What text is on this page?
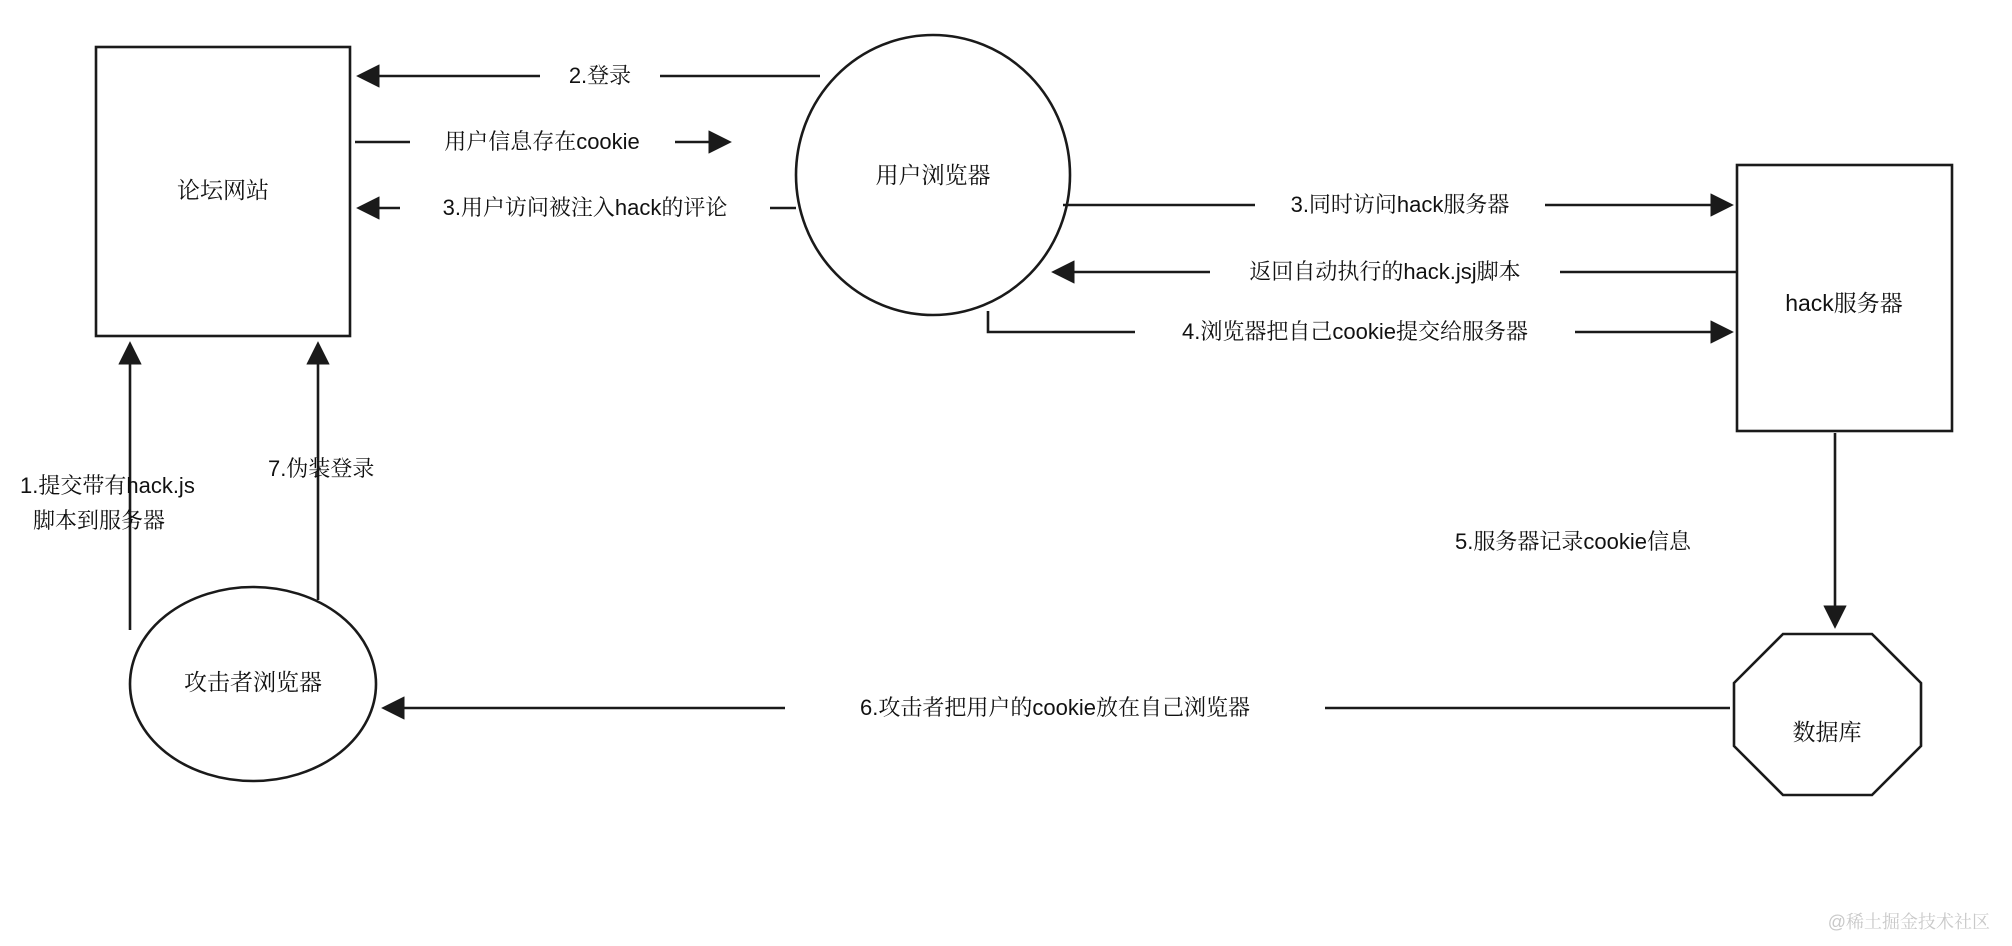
论坛网站
用户浏览器
hack服务器
攻击者浏览器
数据库
2.登录
用户信息存在cookie
3.用户访问被注入hack的评论	3.同时访问hack服务器
返回自动执行的hack.jsj脚本
4.浏览器把自己cookie提交给服务器
5.服务器记录cookie信息
6.攻击者把用户的cookie放在自己浏览器
7.伪装登录
1.提交带有hack.js
脚本到服务器
@稀土掘金技术社区
